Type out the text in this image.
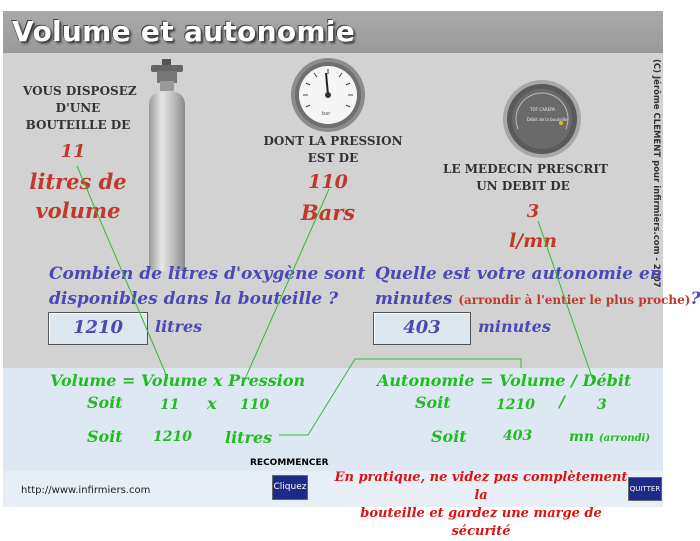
Volume et autonomie
bar
TOT CAREPA
Débit de la bouteille	(C) Jérôme CLEMENT pour infirmiers.com - 2007
VOUS DISPOSEZ
D'UNE
BOUTEILLE DE
11
litres de
volume
DONT LA PRESSION
EST DE
110
Bars
LE MEDECIN PRESCRIT
UN DEBIT DE
3
l/mn
Combien de litres d'oxygène sont
disponibles dans la bouteille ?
1210	litres
Quelle est votre autonomie en
minutes (arrondir à l'entier le plus proche)?
403	minutes
Volume = Volume x Pression
Soit	11 x 110
Soit 1210 litres
Autonomie = Volume / Débit
Soit	1210 / 3
Soit	403	mn (arrondi)
http://www.infirmiers.com
RECOMMENCER
Cliquez
En pratique, ne videz pas complètement la
bouteille et gardez une marge de sécurité
QUITTER
